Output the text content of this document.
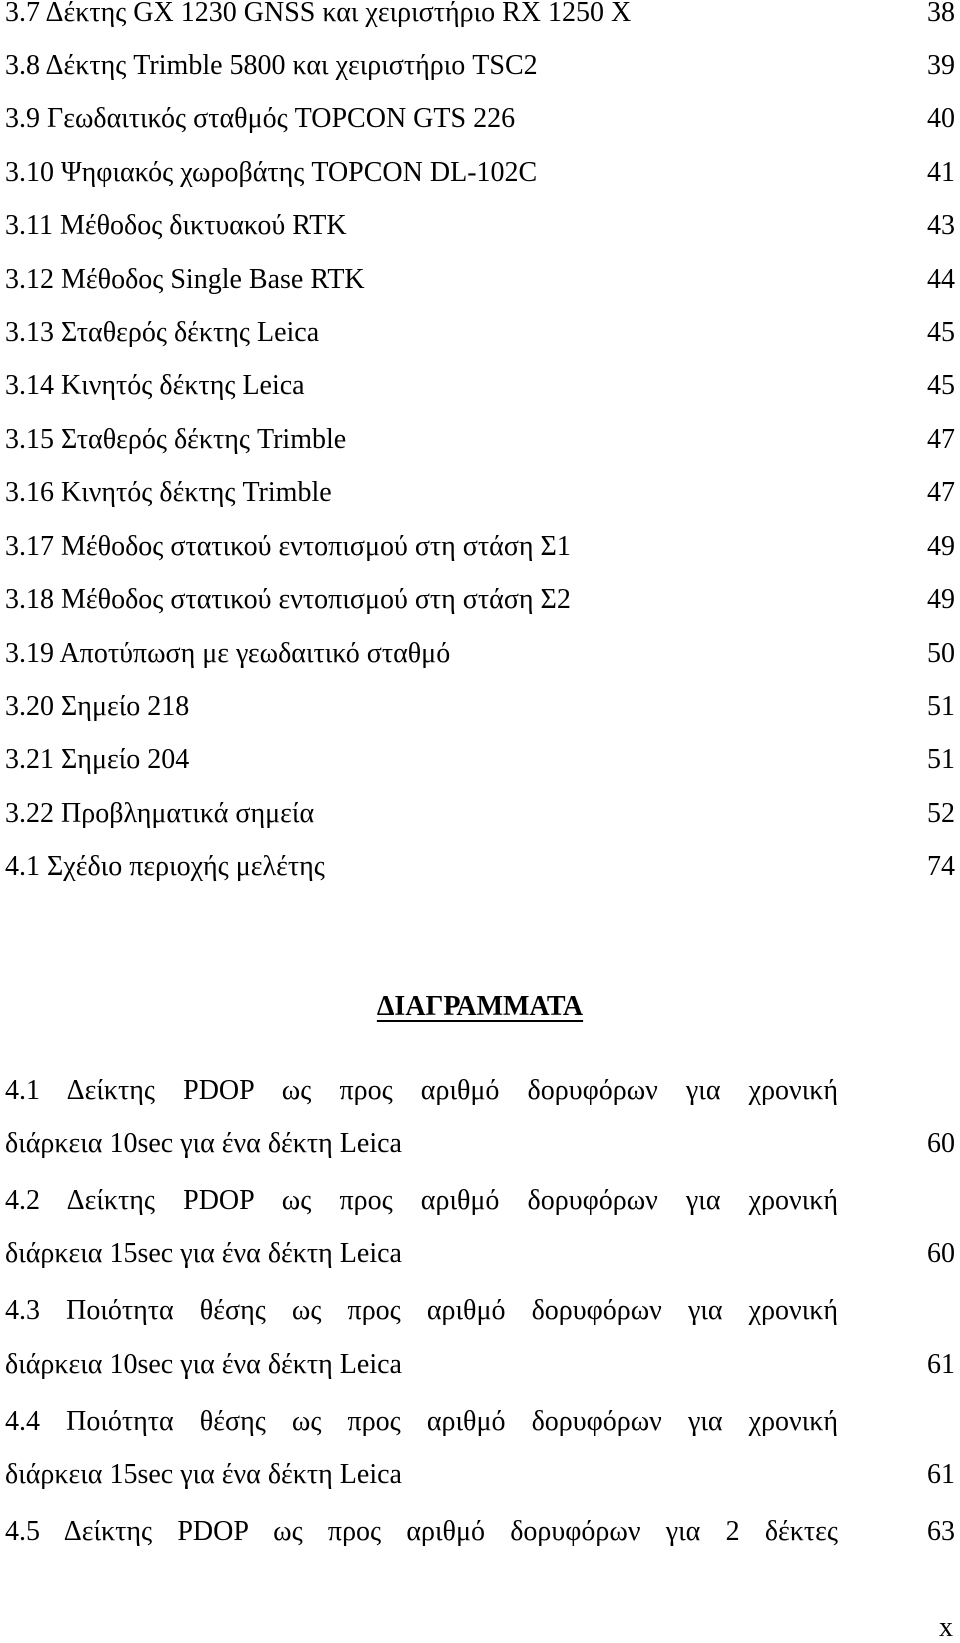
3.7 Δέκτης GX 1230 GNSS και χειριστήριο RX 1250 X	38
3.8 Δέκτης Trimble 5800 και χειριστήριο TSC2	39
3.9 Γεωδαιτικός σταθμός TOPCON GTS 226	40
3.10 Ψηφιακός χωροβάτης TOPCON DL-102C	41
3.11 Μέθοδος δικτυακού RTK	43
3.12 Μέθοδος Single Base RTK	44
3.13 Σταθερός δέκτης Leica	45
3.14 Κινητός δέκτης Leica	45
3.15 Σταθερός δέκτης Trimble	47
3.16 Κινητός δέκτης Trimble	47
3.17 Μέθοδος στατικού εντοπισμού στη στάση Σ1	49
3.18 Μέθοδος στατικού εντοπισμού στη στάση Σ2	49
3.19 Αποτύπωση με γεωδαιτικό σταθμό	50
3.20 Σημείο 218	51
3.21 Σημείο 204	51
3.22 Προβληματικά σημεία	52
4.1 Σχέδιο περιοχής μελέτης	74
ΔΙΑΓΡΑΜΜΑΤΑ
4.1 Δείκτης PDOP ως προς αριθμό δορυφόρων για χρονική
διάρκεια 10sec για ένα δέκτη Leica	60
4.2 Δείκτης PDOP ως προς αριθμό δορυφόρων για χρονική
διάρκεια 15sec για ένα δέκτη Leica	60
4.3 Ποιότητα θέσης ως προς αριθμό δορυφόρων για χρονική
διάρκεια 10sec για ένα δέκτη Leica	61
4.4 Ποιότητα θέσης ως προς αριθμό δορυφόρων για χρονική
διάρκεια 15sec για ένα δέκτη Leica	61
4.5 Δείκτης PDOP ως προς αριθμό δορυφόρων για 2 δέκτες	63
x
